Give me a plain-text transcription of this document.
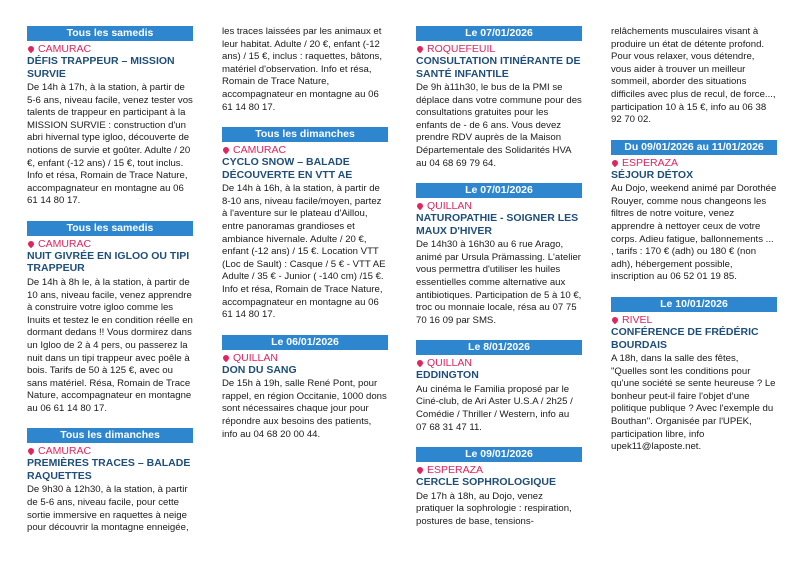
Tous les samedis
CAMURAC
DÉFIS TRAPPEUR – MISSION SURVIE
De 14h à 17h, à la station, à partir de 5-6 ans, niveau facile, venez tester vos talents de trappeur en participant à la MISSION SURVIE : construction d'un abri hivernal type igloo, découverte de notions de survie et goûter. Adulte / 20 €, enfant (-12 ans) / 15 €, tout inclus. Info et résa, Romain de Trace Nature, accompagnateur en montagne au 06 61 14 80 17.
Tous les samedis
CAMURAC
NUIT GIVRÉE EN IGLOO OU TIPI TRAPPEUR
De 14h à 8h le, à la station, à partir de 10 ans, niveau facile, venez apprendre à construire votre igloo comme les Inuits et testez le en condition réelle en dormant dedans !! Vous dormirez dans un Igloo de 2 à 4 pers, ou passerez la nuit dans un tipi trappeur avec poêle à bois. Tarifs de 50 à 125 €, avec ou sans matériel. Résa, Romain de Trace Nature, accompagnateur en montagne au 06 61 14 80 17.
Tous les dimanches
CAMURAC
PREMIÈRES TRACES – BALADE RAQUETTES
De 9h30 à 12h30, à la station, à partir de 5-6 ans, niveau facile, pour cette sortie immersive en raquettes à neige pour découvrir la montagne enneigée,
les traces laissées par les animaux et leur habitat. Adulte / 20 €, enfant (-12 ans) / 15 €, inclus : raquettes, bâtons, matériel d'observation. Info et résa, Romain de Trace Nature, accompagnateur en montagne au 06 61 14 80 17.
Tous les dimanches
CAMURAC
CYCLO SNOW – BALADE DÉCOUVERTE EN VTT AE
De 14h à 16h, à la station, à partir de 8-10 ans, niveau facile/moyen, partez à l'aventure sur le plateau d'Aillou, entre panoramas grandioses et ambiance hivernale. Adulte / 20 €, enfant (-12 ans) / 15 €. Location VTT (Loc de Sault) : Casque / 5 € - VTT AE Adulte / 35 € - Junior ( -140 cm) /15 €. Info et résa, Romain de Trace Nature, accompagnateur en montagne au 06 61 14 80 17.
Le 06/01/2026
QUILLAN
DON DU SANG
De 15h à 19h, salle René Pont, pour rappel, en région Occitanie, 1000 dons sont nécessaires chaque jour pour répondre aux besoins des patients, info au 04 68 20 00 44.
Le 07/01/2026
ROQUEFEUIL
CONSULTATION ITINÉRANTE DE SANTÉ INFANTILE
De 9h à11h30, le bus de la PMI se déplace dans votre commune pour des consultations gratuites pour les enfants de - de 6 ans. Vous devez prendre RDV auprès de la Maison Départementale des Solidarités HVA au 04 68 69 79 64.
Le 07/01/2026
QUILLAN
NATUROPATHIE - SOIGNER LES MAUX D'HIVER
De 14h30 à 16h30 au 6 rue Arago, animé par Ursula Prämassing. L'atelier vous permettra d'utiliser les huiles essentielles comme alternative aux antibiotiques. Participation de 5 à 10 €, troc ou monnaie locale, résa au 07 75 70 16 09 par SMS.
Le 8/01/2026
QUILLAN
EDDINGTON
Au cinéma le Familia proposé par le Ciné-club, de Ari Aster U.S.A / 2h25 / Comédie / Thriller / Western, info au 07 68 31 47 11.
Le 09/01/2026
ESPERAZA
CERCLE SOPHROLOGIQUE
De 17h à 18h, au Dojo, venez pratiquer la sophrologie : respiration, postures de base, tensions-
relâchements musculaires visant à produire un état de détente profond. Pour vous relaxer, vous détendre, vous aider à trouver un meilleur sommeil, aborder des situations difficiles avec plus de recul, de force..., participation 10 à 15 €, info au 06 38 92 70 02.
Du 09/01/2026 au 11/01/2026
ESPERAZA
SÉJOUR DÉTOX
Au Dojo, weekend animé par Dorothée Rouyer, comme nous changeons les filtres de notre voiture, venez apprendre à nettoyer ceux de votre corps. Adieu fatigue, ballonnements ... , tarifs : 170 € (adh) ou 180 € (non adh), hébergement possible, inscription au 06 52 01 19 85.
Le 10/01/2026
RIVEL
CONFÉRENCE DE FRÉDÉRIC BOURDAIS
A 18h, dans la salle des fêtes, "Quelles sont les conditions pour qu'une société se sente heureuse ? Le bonheur peut-il faire l'objet d'une politique publique ? Avec l'exemple du Bouthan". Organisée par l'UPEK, participation libre, info upek11@laposte.net.
